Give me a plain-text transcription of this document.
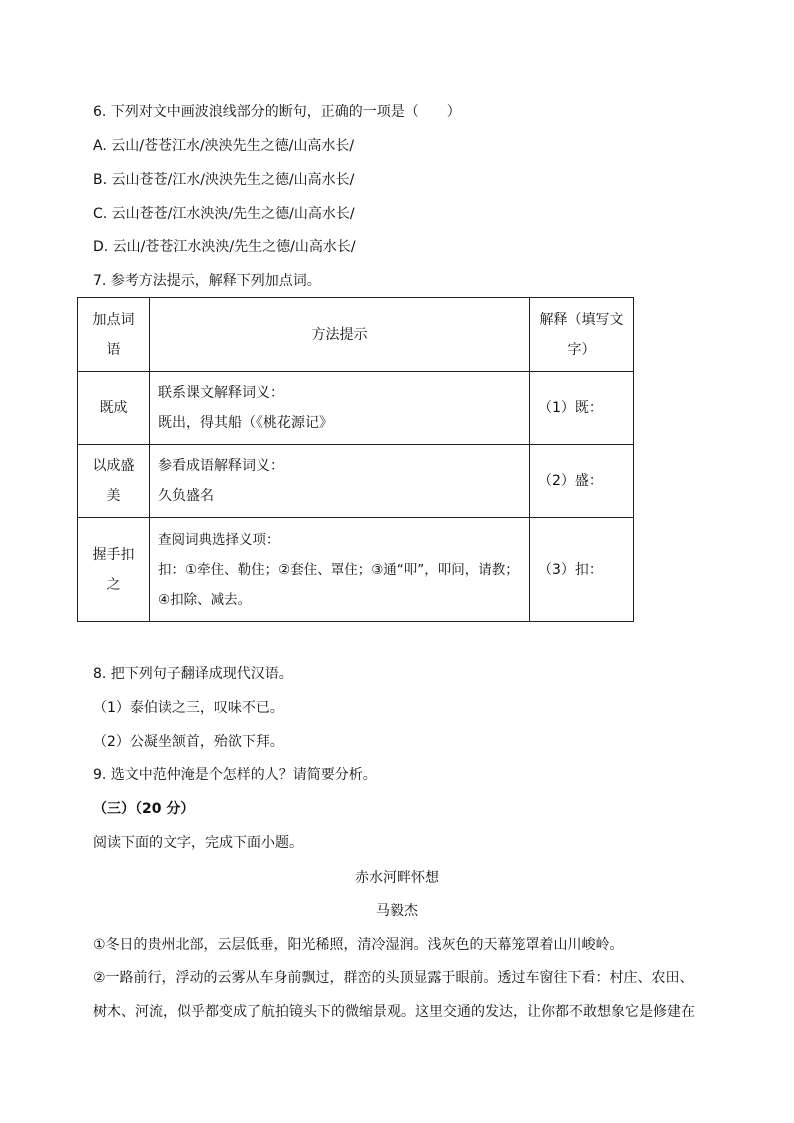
6. 下列对文中画波浪线部分的断句，正确的一项是（　　）
A. 云山/苍苍江水/泱泱先生之德/山高水长/
B. 云山苍苍/江水/泱泱先生之德/山高水长/
C. 云山苍苍/江水泱泱/先生之德/山高水长/
D. 云山/苍苍江水泱泱/先生之德/山高水长/
7. 参考方法提示，解释下列加点词。
加点词
语	方法提示	解释（填写文
字）

既成	联系课文解释词义：
既出，得其船（《桃花源记》	（1）既：

以成盛
美	参看成语解释词义：
久负盛名	（2）盛：

握手扣
之	查阅词典选择义项：
扣：①牵住、勒住；②套住、罩住；③通“叩”，叩问，请教；
④扣除、减去。	（3）扣：
8. 把下列句子翻译成现代汉语。
（1）泰伯读之三，叹味不已。
（2）公凝坐颔首，殆欲下拜。
9. 选文中范仲淹是个怎样的人？请简要分析。
（三）（20 分）
阅读下面的文字，完成下面小题。
赤水河畔怀想
马毅杰
①冬日的贵州北部，云层低垂，阳光稀照，清冷湿润。浅灰色的天幕笼罩着山川峻岭。
②一路前行，浮动的云雾从车身前飘过，群峦的头顶显露于眼前。透过车窗往下看：村庄、农田、
树木、河流，似乎都变成了航拍镜头下的微缩景观。这里交通的发达，让你都不敢想象它是修建在
